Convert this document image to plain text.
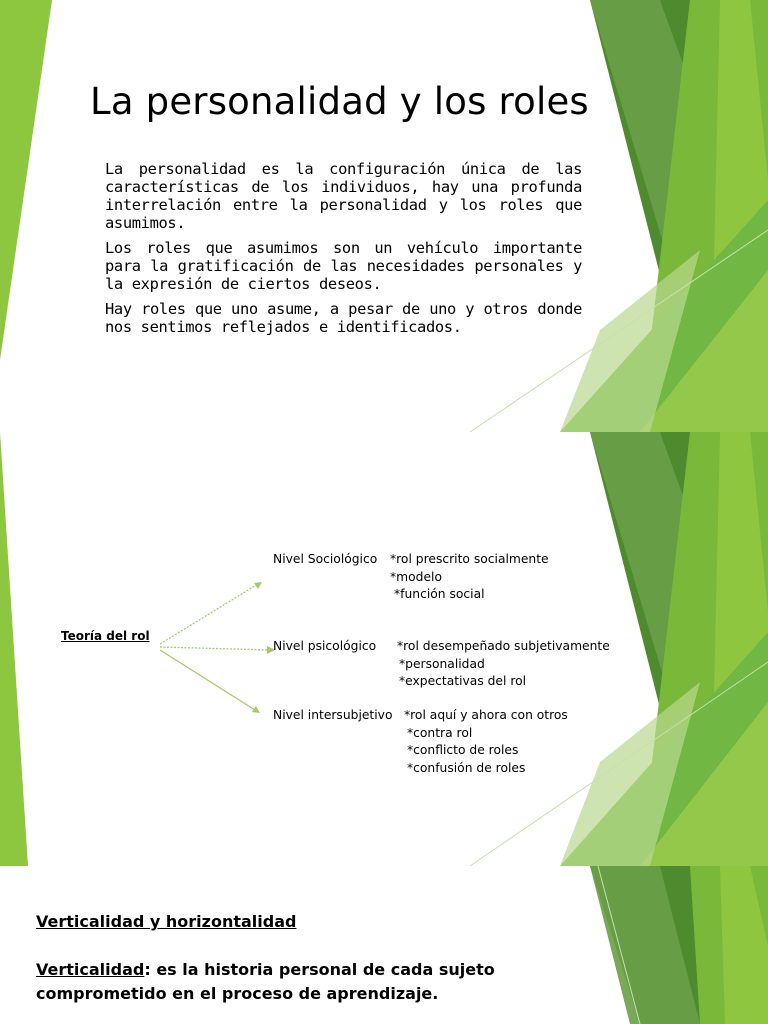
La personalidad y los roles

La personalidad es la configuración única de las características de los individuos, hay una profunda interrelación entre la personalidad y los roles que asumimos.

Los roles que asumimos son un vehículo importante para la gratificación de las necesidades personales y la expresión de ciertos deseos.

Hay roles que uno asume, a pesar de uno y otros donde nos sentimos reflejados e identificados.

Teoría del rol
Nivel Sociológico *rol prescrito socialmente
*modelo
*función social
Nivel psicológico *rol desempeñado subjetivamente
*personalidad
*expectativas del rol
Nivel intersubjetivo *rol aquí y ahora con otros
*contra rol
*conflicto de roles
*confusión de roles
Verticalidad y horizontalidad
Verticalidad: es la historia personal de cada sujeto comprometido en el proceso de aprendizaje.
